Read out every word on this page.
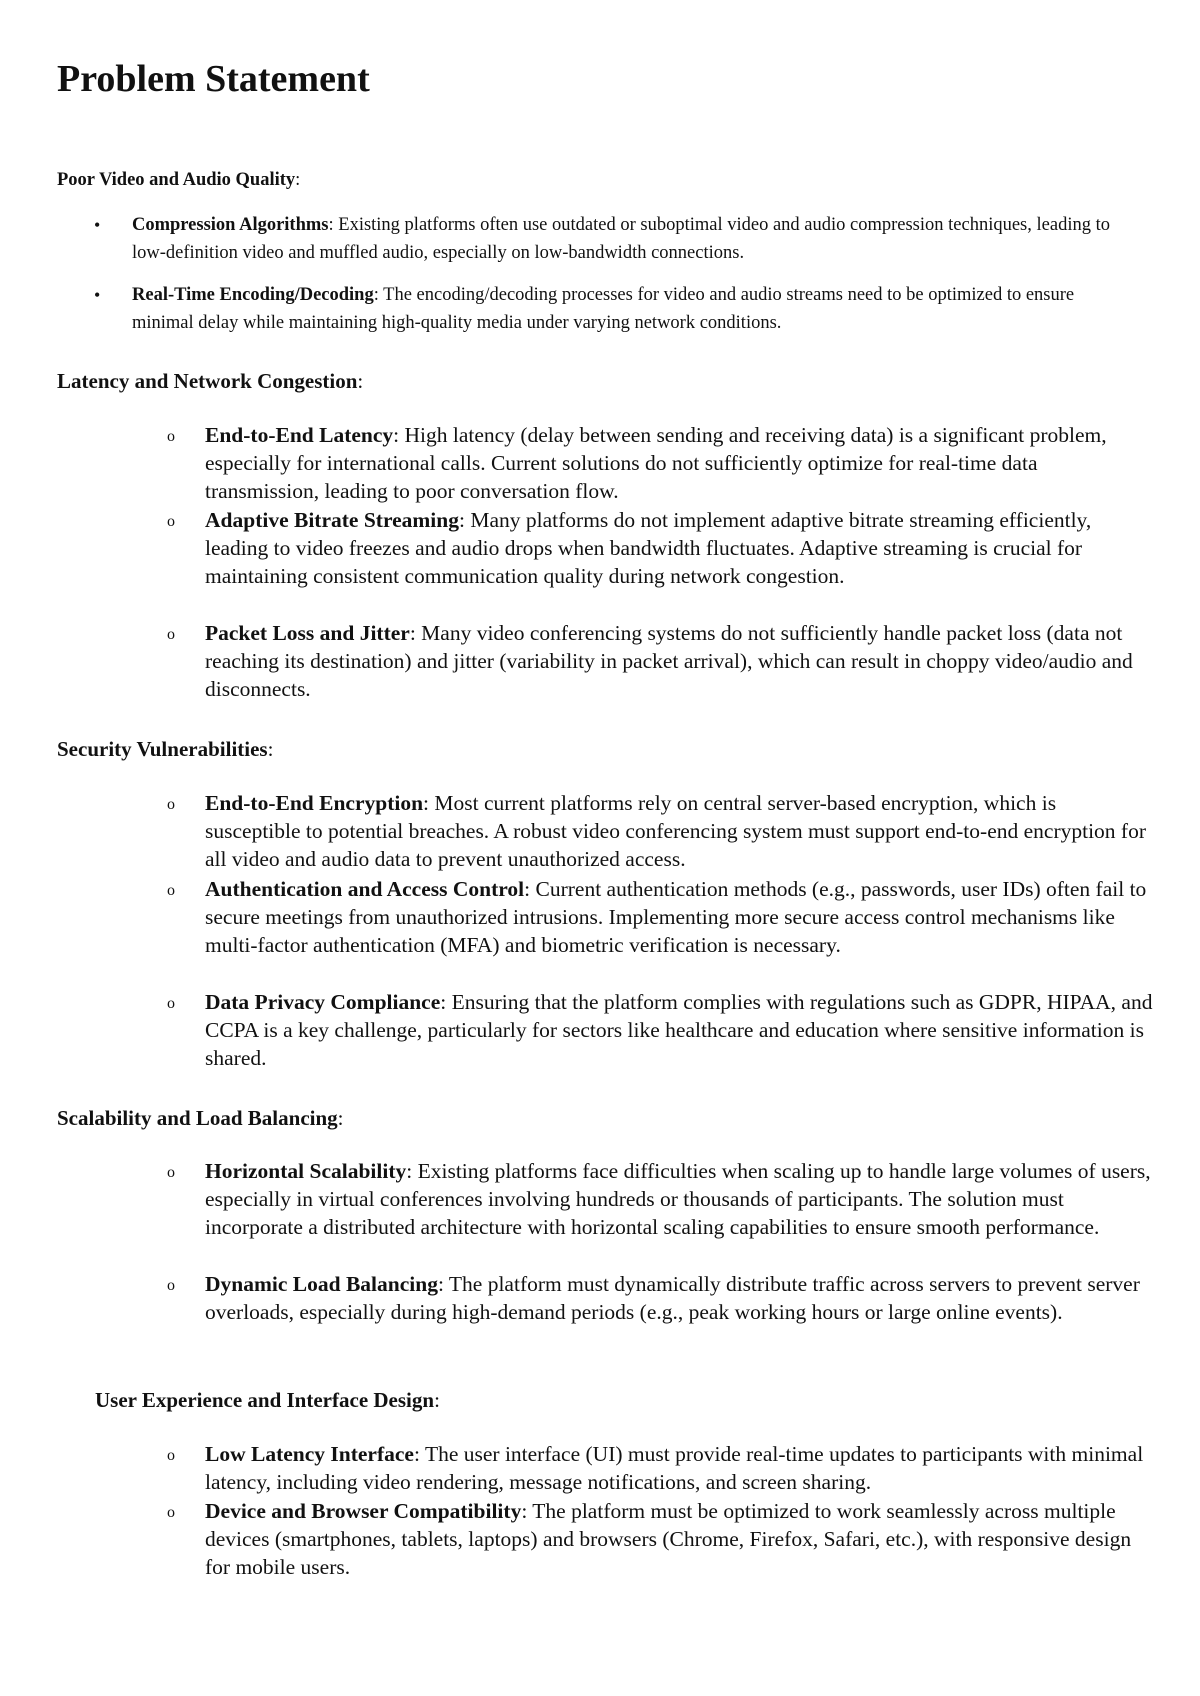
Problem Statement

Poor Video and Audio Quality:

• Compression Algorithms: Existing platforms often use outdated or suboptimal video and audio compression techniques, leading to low-definition video and muffled audio, especially on low-bandwidth connections.

• Real-Time Encoding/Decoding: The encoding/decoding processes for video and audio streams need to be optimized to ensure minimal delay while maintaining high-quality media under varying network conditions.

Latency and Network Congestion:

o End-to-End Latency: High latency (delay between sending and receiving data) is a significant problem, especially for international calls. Current solutions do not sufficiently optimize for real-time data transmission, leading to poor conversation flow.

o Adaptive Bitrate Streaming: Many platforms do not implement adaptive bitrate streaming efficiently, leading to video freezes and audio drops when bandwidth fluctuates. Adaptive streaming is crucial for maintaining consistent communication quality during network congestion.

o Packet Loss and Jitter: Many video conferencing systems do not sufficiently handle packet loss (data not reaching its destination) and jitter (variability in packet arrival), which can result in choppy video/audio and disconnects.

Security Vulnerabilities:

o End-to-End Encryption: Most current platforms rely on central server-based encryption, which is susceptible to potential breaches. A robust video conferencing system must support end-to-end encryption for all video and audio data to prevent unauthorized access.

o Authentication and Access Control: Current authentication methods (e.g., passwords, user IDs) often fail to secure meetings from unauthorized intrusions. Implementing more secure access control mechanisms like multi-factor authentication (MFA) and biometric verification is necessary.

o Data Privacy Compliance: Ensuring that the platform complies with regulations such as GDPR, HIPAA, and CCPA is a key challenge, particularly for sectors like healthcare and education where sensitive information is shared.

Scalability and Load Balancing:

o Horizontal Scalability: Existing platforms face difficulties when scaling up to handle large volumes of users, especially in virtual conferences involving hundreds or thousands of participants. The solution must incorporate a distributed architecture with horizontal scaling capabilities to ensure smooth performance.

o Dynamic Load Balancing: The platform must dynamically distribute traffic across servers to prevent server overloads, especially during high-demand periods (e.g., peak working hours or large online events).

User Experience and Interface Design:

o Low Latency Interface: The user interface (UI) must provide real-time updates to participants with minimal latency, including video rendering, message notifications, and screen sharing.

o Device and Browser Compatibility: The platform must be optimized to work seamlessly across multiple devices (smartphones, tablets, laptops) and browsers (Chrome, Firefox, Safari, etc.), with responsive design for mobile users.
